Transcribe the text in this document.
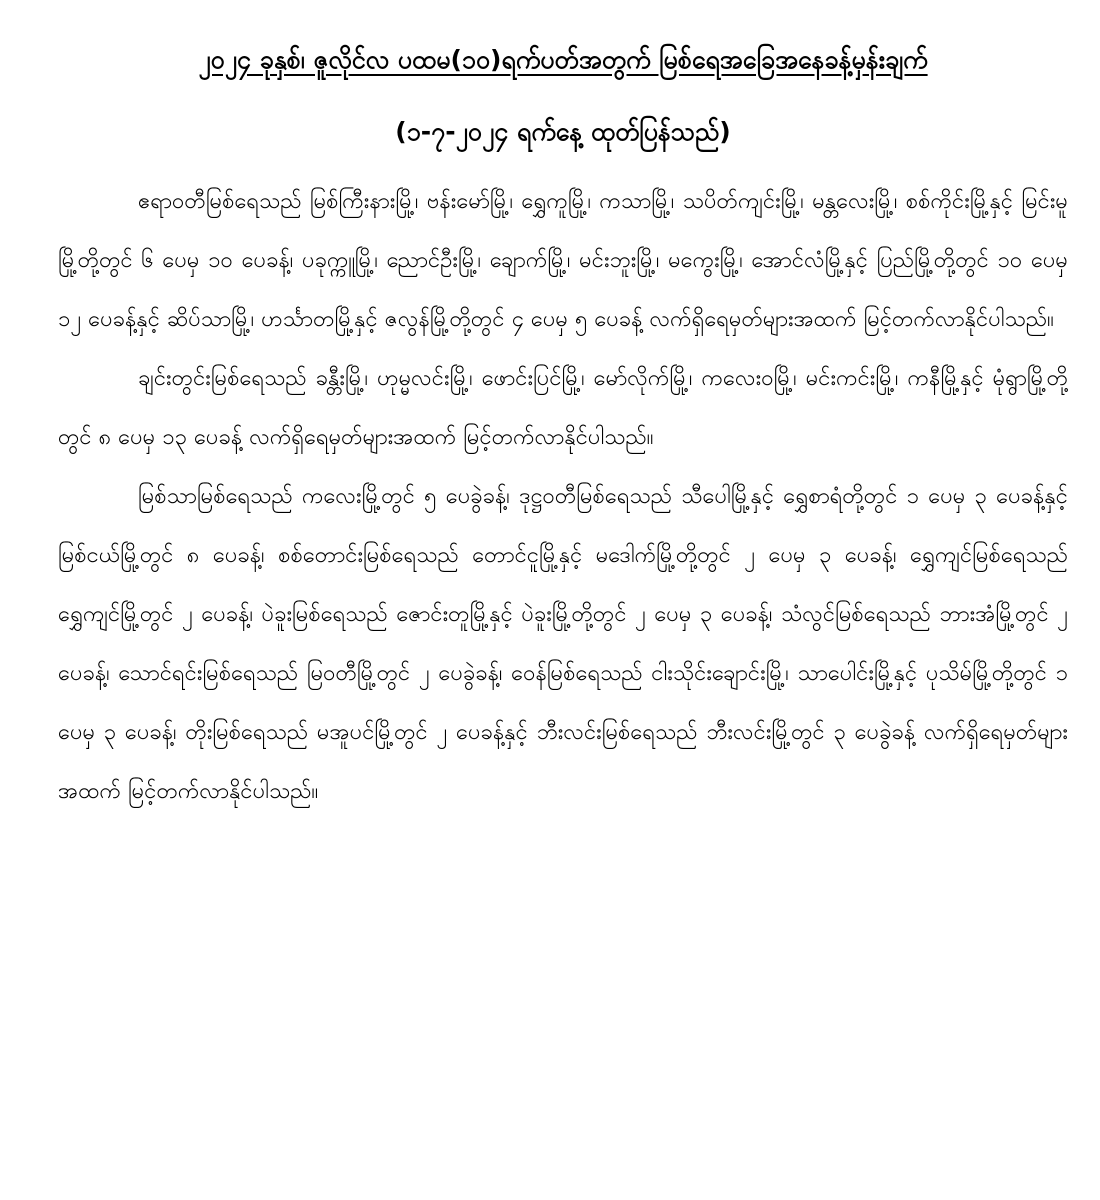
၂၀၂၄ ခုနှစ်၊ ဇူလိုင်လ ပထမ(၁၀)ရက်ပတ်အတွက် မြစ်ရေအခြေအနေခန့်မှန်းချက်
(၁-၇-၂၀၂၄ ရက်နေ့ ထုတ်ပြန်သည်)

ဧရာဝတီမြစ်ရေသည် မြစ်ကြီးနားမြို့၊ ဗန်းမော်မြို့၊ ရွှေကူမြို့၊ ကသာမြို့၊ သပိတ်ကျင်းမြို့၊ မန္တလေးမြို့၊ စစ်ကိုင်းမြို့နှင့် မြင်းမူမြို့တို့တွင် ၆ ပေမှ ၁၀ ပေခန့်၊ ပခုက္ကူမြို့၊ ညောင်ဦးမြို့၊ ချောက်မြို့၊ မင်းဘူးမြို့၊ မကွေးမြို့၊ အောင်လံမြို့နှင့် ပြည်မြို့တို့တွင် ၁၀ ပေမှ ၁၂ ပေခန့်နှင့် ဆိပ်သာမြို့၊ ဟင်္သာတမြို့နှင့် ဇလွန်မြို့တို့တွင် ၄ ပေမှ ၅ ပေခန့် လက်ရှိရေမှတ်များအထက် မြင့်တက်လာနိုင်ပါသည်။

ချင်းတွင်းမြစ်ရေသည် ခန္တီးမြို့၊ ဟုမ္မလင်းမြို့၊ ဖောင်းပြင်မြို့၊ မော်လိုက်မြို့၊ ကလေးဝမြို့၊ မင်းကင်းမြို့၊ ကနီမြို့နှင့် မုံရွာမြို့တို့တွင် ၈ ပေမှ ၁၃ ပေခန့် လက်ရှိရေမှတ်များအထက် မြင့်တက်လာနိုင်ပါသည်။

မြစ်သာမြစ်ရေသည် ကလေးမြို့တွင် ၅ ပေခွဲခန့်၊ ဒုဋ္ဌဝတီမြစ်ရေသည် သီပေါမြို့နှင့် ရွှေစာရံတို့တွင် ၁ ပေမှ ၃ ပေခန့်နှင့် မြစ်ငယ်မြို့တွင် ၈ ပေခန့်၊ စစ်တောင်းမြစ်ရေသည် တောင်ငူမြို့နှင့် မဒေါက်မြို့တို့တွင် ၂ ပေမှ ၃ ပေခန့်၊ ရွှေကျင်မြစ်ရေသည် ရွှေကျင်မြို့တွင် ၂ ပေခန့်၊ ပဲခူးမြစ်ရေသည် ဇောင်းတူမြို့နှင့် ပဲခူးမြို့တို့တွင် ၂ ပေမှ ၃ ပေခန့်၊ သံလွင်မြစ်ရေသည် ဘားအံမြို့တွင် ၂ ပေခန့်၊ သောင်ရင်းမြစ်ရေသည် မြဝတီမြို့တွင် ၂ ပေခွဲခန့်၊ ဝေန်မြစ်ရေသည် ငါးသိုင်းချောင်းမြို့၊ သာပေါင်းမြို့နှင့် ပုသိမ်မြို့တို့တွင် ၁ ပေမှ ၃ ပေခန့်၊ တိုးမြစ်ရေသည် မအူပင်မြို့တွင် ၂ ပေခန့်နှင့် ဘီးလင်းမြစ်ရေသည် ဘီးလင်းမြို့တွင် ၃ ပေခွဲခန့် လက်ရှိရေမှတ်များအထက် မြင့်တက်လာနိုင်ပါသည်။
